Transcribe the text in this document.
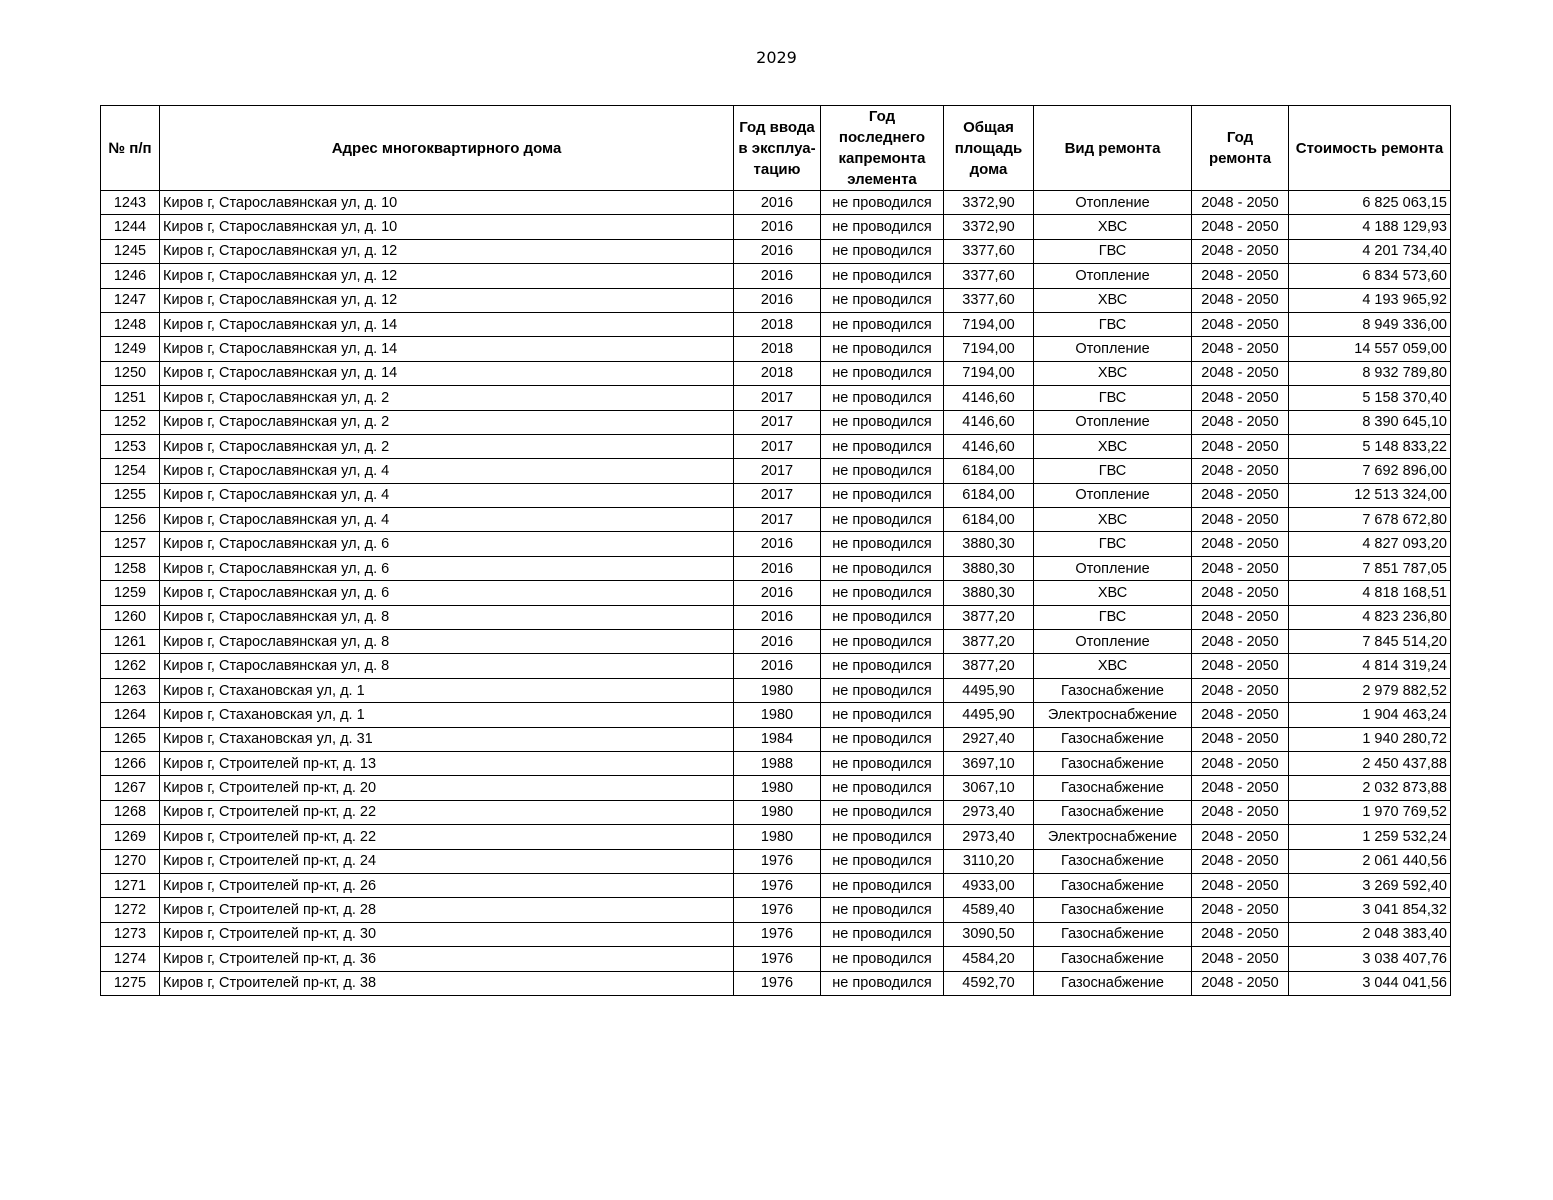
2029
№ п/п	Адрес многоквартирного дома	Год ввода в эксплуа-тацию	Год последнего капремонта элемента	Общая площадь дома	Вид ремонта	Год ремонта	Стоимость ремонта
1243	Киров г, Старославянская ул, д. 10	2016	не проводился	3372,90	Отопление	2048 - 2050	6 825 063,15
1244	Киров г, Старославянская ул, д. 10	2016	не проводился	3372,90	ХВС	2048 - 2050	4 188 129,93
1245	Киров г, Старославянская ул, д. 12	2016	не проводился	3377,60	ГВС	2048 - 2050	4 201 734,40
1246	Киров г, Старославянская ул, д. 12	2016	не проводился	3377,60	Отопление	2048 - 2050	6 834 573,60
1247	Киров г, Старославянская ул, д. 12	2016	не проводился	3377,60	ХВС	2048 - 2050	4 193 965,92
1248	Киров г, Старославянская ул, д. 14	2018	не проводился	7194,00	ГВС	2048 - 2050	8 949 336,00
1249	Киров г, Старославянская ул, д. 14	2018	не проводился	7194,00	Отопление	2048 - 2050	14 557 059,00
1250	Киров г, Старославянская ул, д. 14	2018	не проводился	7194,00	ХВС	2048 - 2050	8 932 789,80
1251	Киров г, Старославянская ул, д. 2	2017	не проводился	4146,60	ГВС	2048 - 2050	5 158 370,40
1252	Киров г, Старославянская ул, д. 2	2017	не проводился	4146,60	Отопление	2048 - 2050	8 390 645,10
1253	Киров г, Старославянская ул, д. 2	2017	не проводился	4146,60	ХВС	2048 - 2050	5 148 833,22
1254	Киров г, Старославянская ул, д. 4	2017	не проводился	6184,00	ГВС	2048 - 2050	7 692 896,00
1255	Киров г, Старославянская ул, д. 4	2017	не проводился	6184,00	Отопление	2048 - 2050	12 513 324,00
1256	Киров г, Старославянская ул, д. 4	2017	не проводился	6184,00	ХВС	2048 - 2050	7 678 672,80
1257	Киров г, Старославянская ул, д. 6	2016	не проводился	3880,30	ГВС	2048 - 2050	4 827 093,20
1258	Киров г, Старославянская ул, д. 6	2016	не проводился	3880,30	Отопление	2048 - 2050	7 851 787,05
1259	Киров г, Старославянская ул, д. 6	2016	не проводился	3880,30	ХВС	2048 - 2050	4 818 168,51
1260	Киров г, Старославянская ул, д. 8	2016	не проводился	3877,20	ГВС	2048 - 2050	4 823 236,80
1261	Киров г, Старославянская ул, д. 8	2016	не проводился	3877,20	Отопление	2048 - 2050	7 845 514,20
1262	Киров г, Старославянская ул, д. 8	2016	не проводился	3877,20	ХВС	2048 - 2050	4 814 319,24
1263	Киров г, Стахановская ул, д. 1	1980	не проводился	4495,90	Газоснабжение	2048 - 2050	2 979 882,52
1264	Киров г, Стахановская ул, д. 1	1980	не проводился	4495,90	Электроснабжение	2048 - 2050	1 904 463,24
1265	Киров г, Стахановская ул, д. 31	1984	не проводился	2927,40	Газоснабжение	2048 - 2050	1 940 280,72
1266	Киров г, Строителей пр-кт, д. 13	1988	не проводился	3697,10	Газоснабжение	2048 - 2050	2 450 437,88
1267	Киров г, Строителей пр-кт, д. 20	1980	не проводился	3067,10	Газоснабжение	2048 - 2050	2 032 873,88
1268	Киров г, Строителей пр-кт, д. 22	1980	не проводился	2973,40	Газоснабжение	2048 - 2050	1 970 769,52
1269	Киров г, Строителей пр-кт, д. 22	1980	не проводился	2973,40	Электроснабжение	2048 - 2050	1 259 532,24
1270	Киров г, Строителей пр-кт, д. 24	1976	не проводился	3110,20	Газоснабжение	2048 - 2050	2 061 440,56
1271	Киров г, Строителей пр-кт, д. 26	1976	не проводился	4933,00	Газоснабжение	2048 - 2050	3 269 592,40
1272	Киров г, Строителей пр-кт, д. 28	1976	не проводился	4589,40	Газоснабжение	2048 - 2050	3 041 854,32
1273	Киров г, Строителей пр-кт, д. 30	1976	не проводился	3090,50	Газоснабжение	2048 - 2050	2 048 383,40
1274	Киров г, Строителей пр-кт, д. 36	1976	не проводился	4584,20	Газоснабжение	2048 - 2050	3 038 407,76
1275	Киров г, Строителей пр-кт, д. 38	1976	не проводился	4592,70	Газоснабжение	2048 - 2050	3 044 041,56
